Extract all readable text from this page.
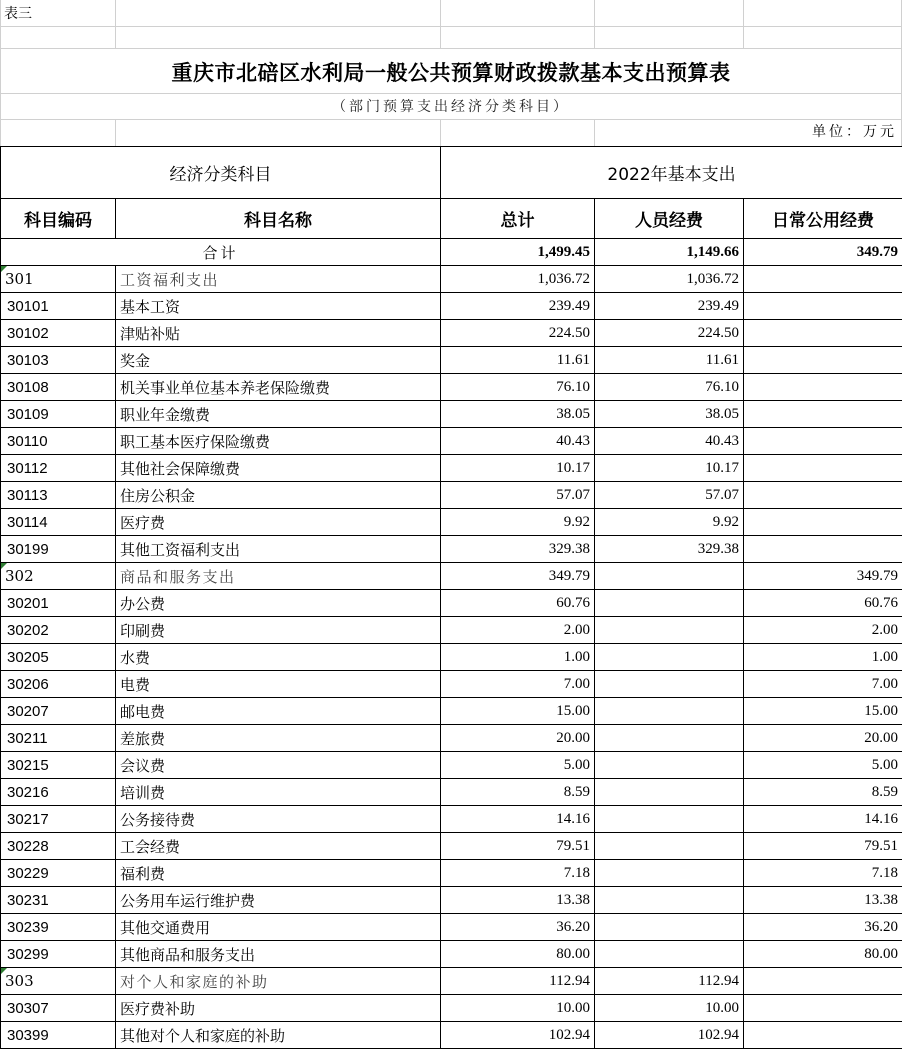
表三
重庆市北碚区水利局一般公共预算财政拨款基本支出预算表
（部门预算支出经济分类科目）
单位：万元
经济分类科目		2022年基本支出		
科目编码	科目名称	总计	人员经费	日常公用经费
合计		1,499.45	1,149.66	349.79

301	工资福利支出	1,036.72	1,036.72	
30101	基本工资	239.49	239.49	
30102	津贴补贴	224.50	224.50	
30103	奖金	11.61	11.61	
30108	机关事业单位基本养老保险缴费	76.10	76.10	
30109	职业年金缴费	38.05	38.05	
30110	职工基本医疗保险缴费	40.43	40.43	
30112	其他社会保障缴费	10.17	10.17	
30113	住房公积金	57.07	57.07	
30114	医疗费	9.92	9.92	
30199	其他工资福利支出	329.38	329.38	

302	商品和服务支出	349.79		349.79
30201	办公费	60.76		60.76
30202	印刷费	2.00		2.00
30205	水费	1.00		1.00
30206	电费	7.00		7.00
30207	邮电费	15.00		15.00
30211	差旅费	20.00		20.00
30215	会议费	5.00		5.00
30216	培训费	8.59		8.59
30217	公务接待费	14.16		14.16
30228	工会经费	79.51		79.51
30229	福利费	7.18		7.18
30231	公务用车运行维护费	13.38		13.38
30239	其他交通费用	36.20		36.20
30299	其他商品和服务支出	80.00		80.00

303	对个人和家庭的补助	112.94	112.94	
30307	医疗费补助	10.00	10.00	
30399	其他对个人和家庭的补助	102.94	102.94	
